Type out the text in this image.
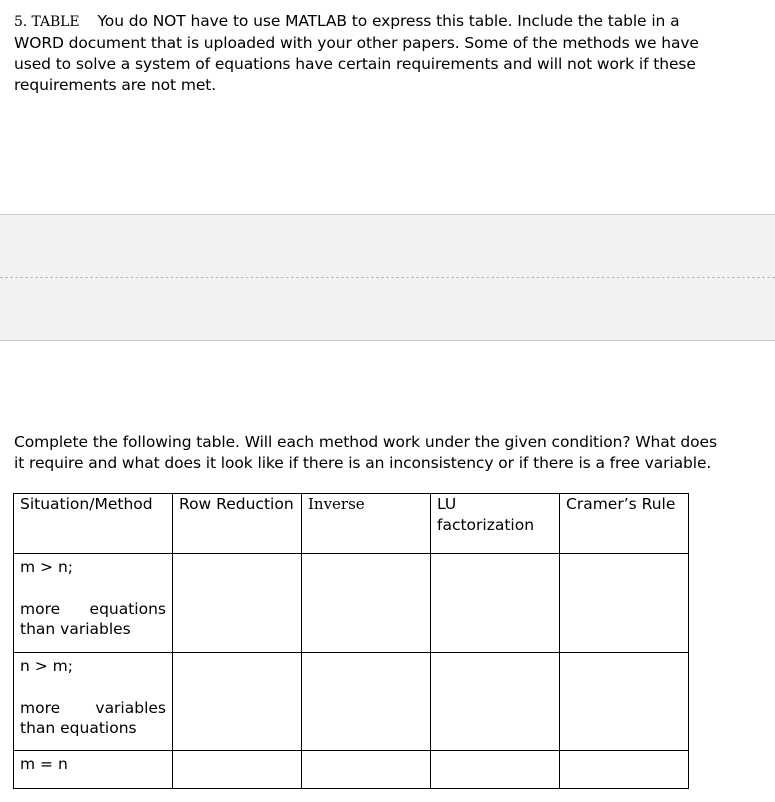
5. TABLE You do NOT have to use MATLAB to express this table. Include the table in a WORD document that is uploaded with your other papers. Some of the methods we have used to solve a system of equations have certain requirements and will not work if these requirements are not met.
Complete the following table. Will each method work under the given condition? What does it require and what does it look like if there is an inconsistency or if there is a free variable.
Situation/Method	Row Reduction	Inverse	LU factorization	Cramer’s Rule

m > n;
more equations than variables				

n > m;
more variables than equations				

m = n				
